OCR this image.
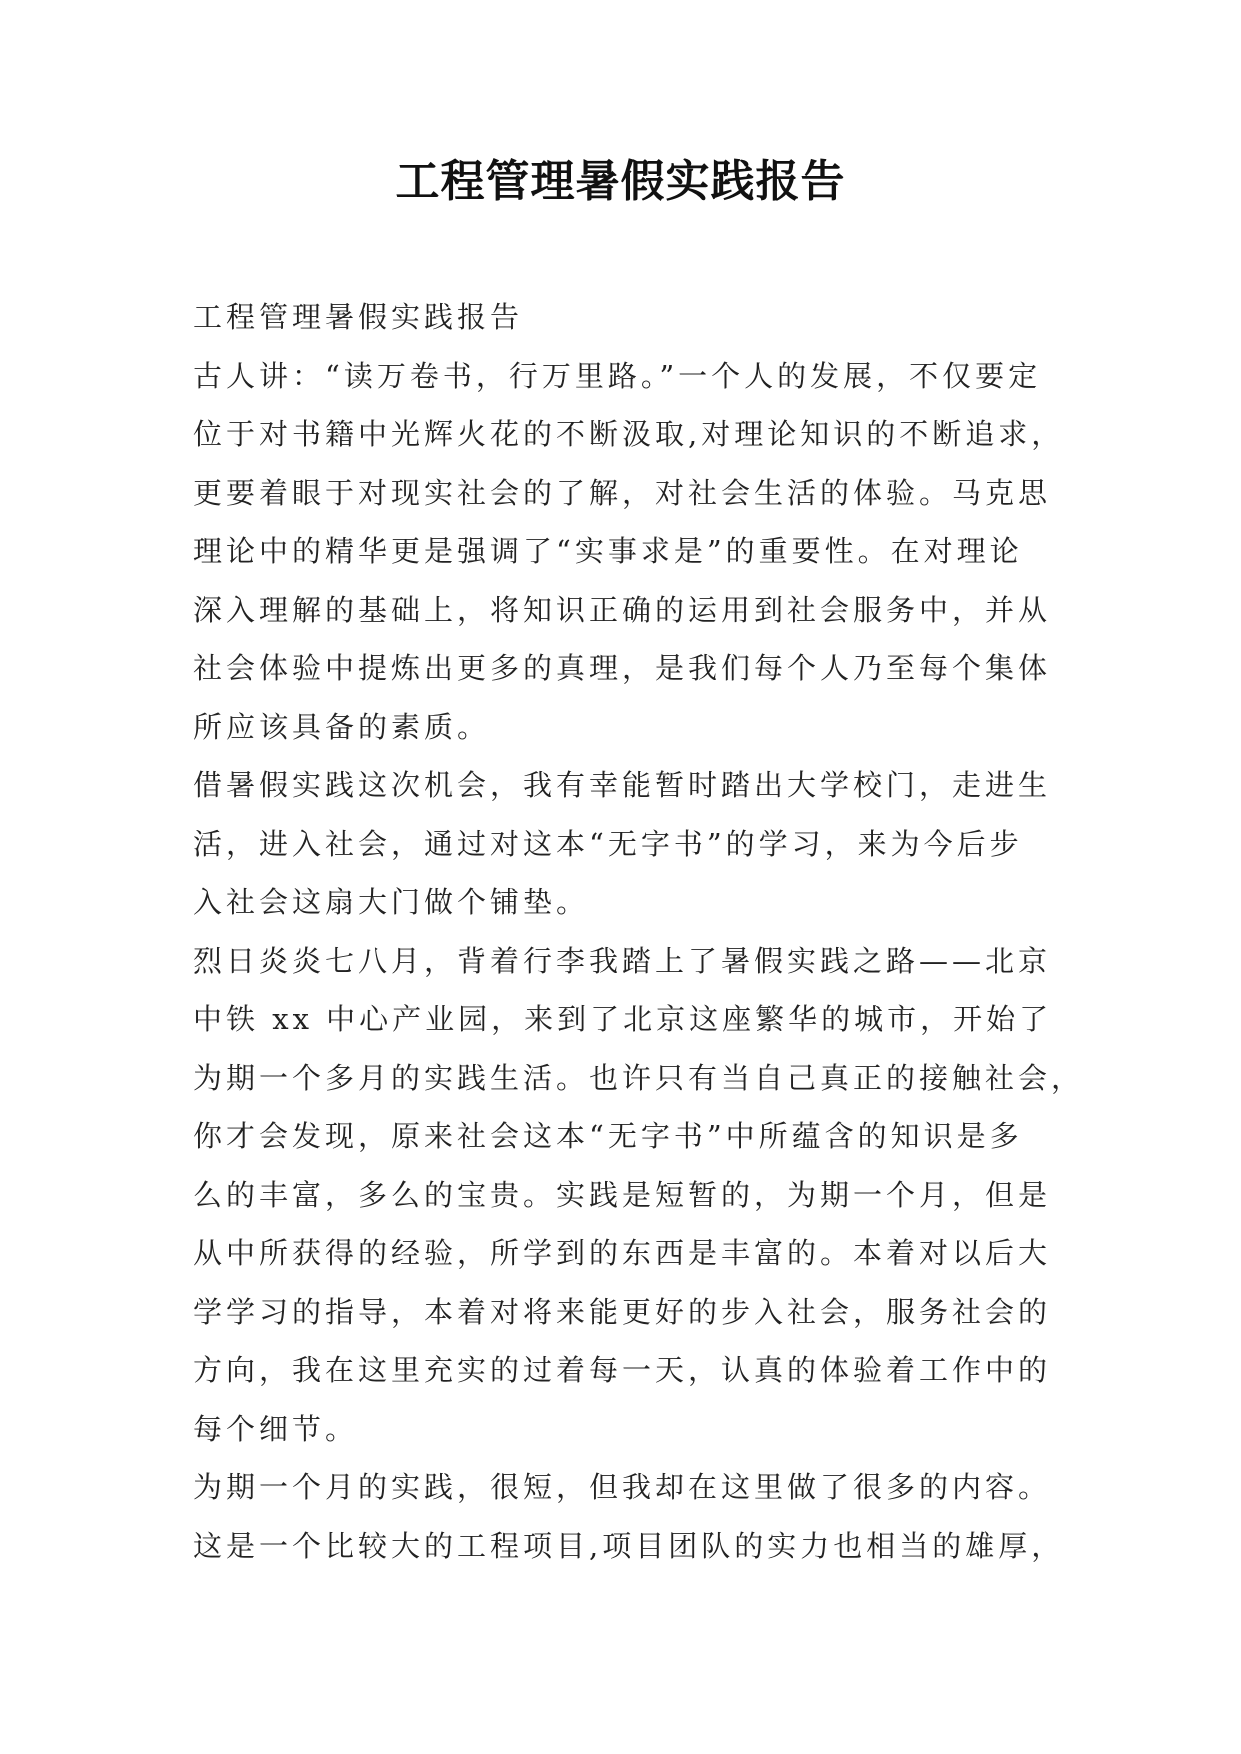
工程管理暑假实践报告
工程管理暑假实践报告
古人讲：“读万卷书，行万里路。”一个人的发展，不仅要定
位于对书籍中光辉火花的不断汲取,对理论知识的不断追求，
更要着眼于对现实社会的了解，对社会生活的体验。马克思
理论中的精华更是强调了“实事求是”的重要性。在对理论
深入理解的基础上，将知识正确的运用到社会服务中，并从
社会体验中提炼出更多的真理，是我们每个人乃至每个集体
所应该具备的素质。
借暑假实践这次机会，我有幸能暂时踏出大学校门，走进生
活，进入社会，通过对这本“无字书”的学习，来为今后步
入社会这扇大门做个铺垫。
烈日炎炎七八月，背着行李我踏上了暑假实践之路——北京
中铁 xx 中心产业园，来到了北京这座繁华的城市，开始了
为期一个多月的实践生活。也许只有当自己真正的接触社会，
你才会发现，原来社会这本“无字书”中所蕴含的知识是多
么的丰富，多么的宝贵。实践是短暂的，为期一个月，但是
从中所获得的经验，所学到的东西是丰富的。本着对以后大
学学习的指导，本着对将来能更好的步入社会，服务社会的
方向，我在这里充实的过着每一天，认真的体验着工作中的
每个细节。
为期一个月的实践，很短，但我却在这里做了很多的内容。
这是一个比较大的工程项目,项目团队的实力也相当的雄厚，
